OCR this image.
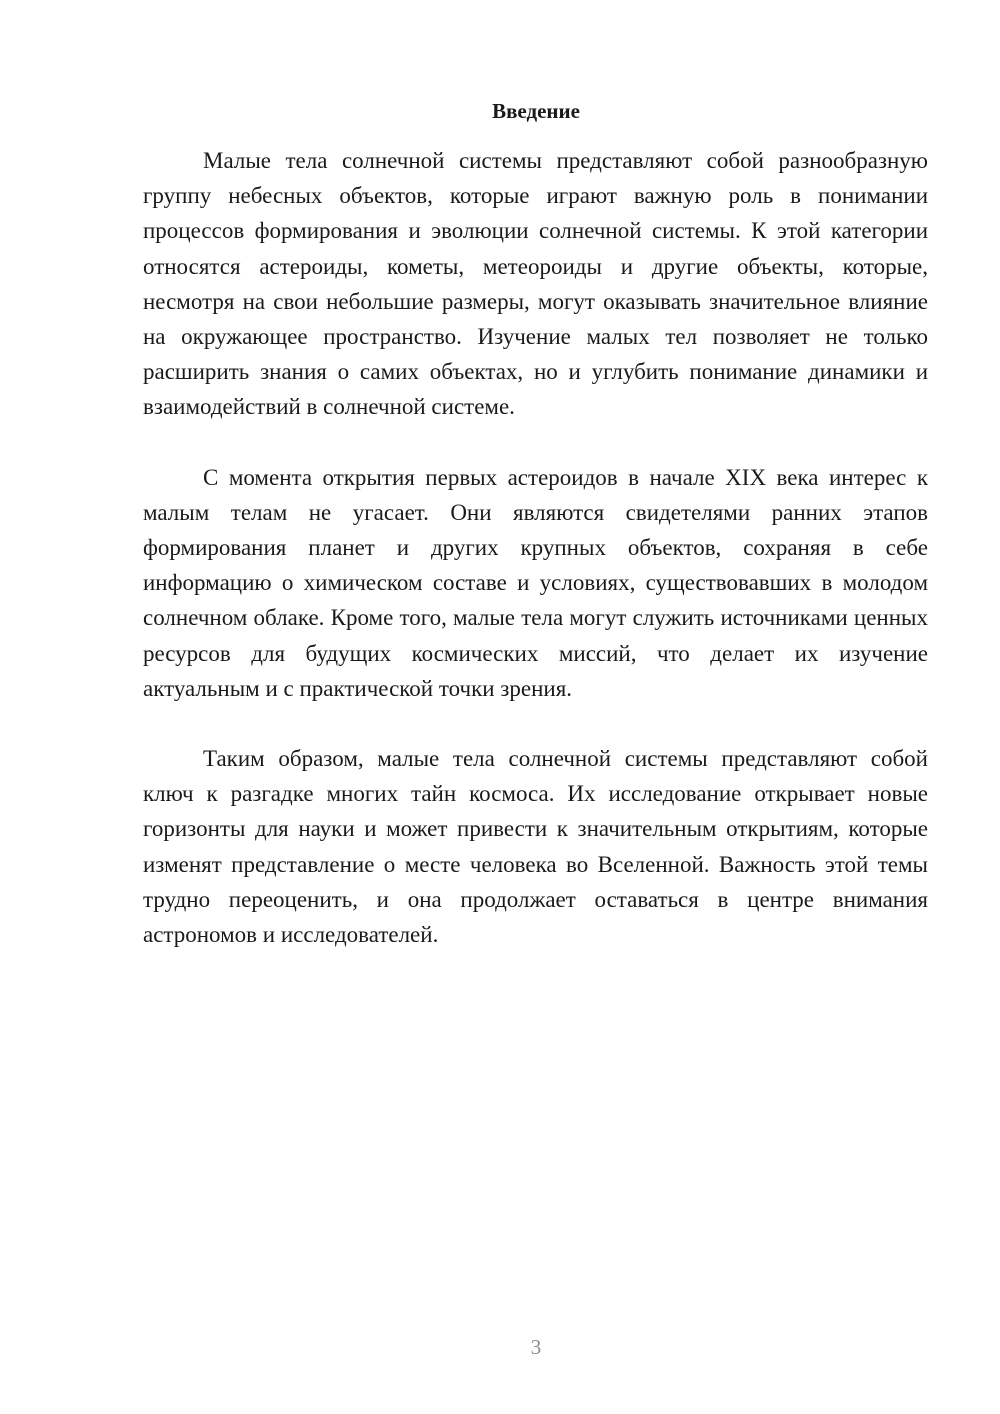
Введение

Малые тела солнечной системы представляют собой разнообразную группу небесных объектов, которые играют важную роль в понимании процессов формирования и эволюции солнечной системы. К этой категории относятся астероиды, кометы, метеороиды и другие объекты, которые, несмотря на свои небольшие размеры, могут оказывать значительное влияние на окружающее пространство. Изучение малых тел позволяет не только расширить знания о самих объектах, но и углубить понимание динамики и взаимодействий в солнечной системе.

С момента открытия первых астероидов в начале XIX века интерес к малым телам не угасает. Они являются свидетелями ранних этапов формирования планет и других крупных объектов, сохраняя в себе информацию о химическом составе и условиях, существовавших в молодом солнечном облаке. Кроме того, малые тела могут служить источниками ценных ресурсов для будущих космических миссий, что делает их изучение актуальным и с практической точки зрения.

Таким образом, малые тела солнечной системы представляют собой ключ к разгадке многих тайн космоса. Их исследование открывает новые горизонты для науки и может привести к значительным открытиям, которые изменят представление о месте человека во Вселенной. Важность этой темы трудно переоценить, и она продолжает оставаться в центре внимания астрономов и исследователей.

3
